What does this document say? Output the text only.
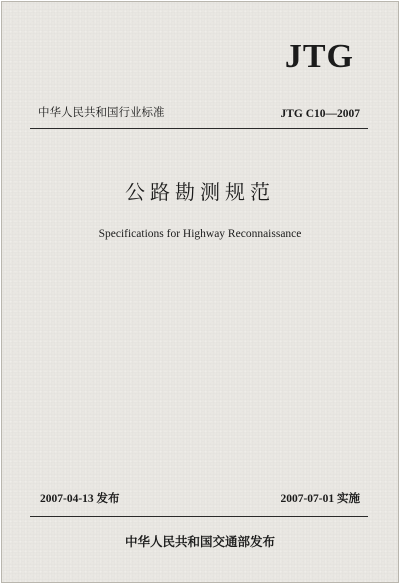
JTG
中华人民共和国行业标准	JTG C10—2007
公路勘测规范
Specifications for Highway Reconnaissance
2007-04-13 发布	2007-07-01 实施
中华人民共和国交通部发布
